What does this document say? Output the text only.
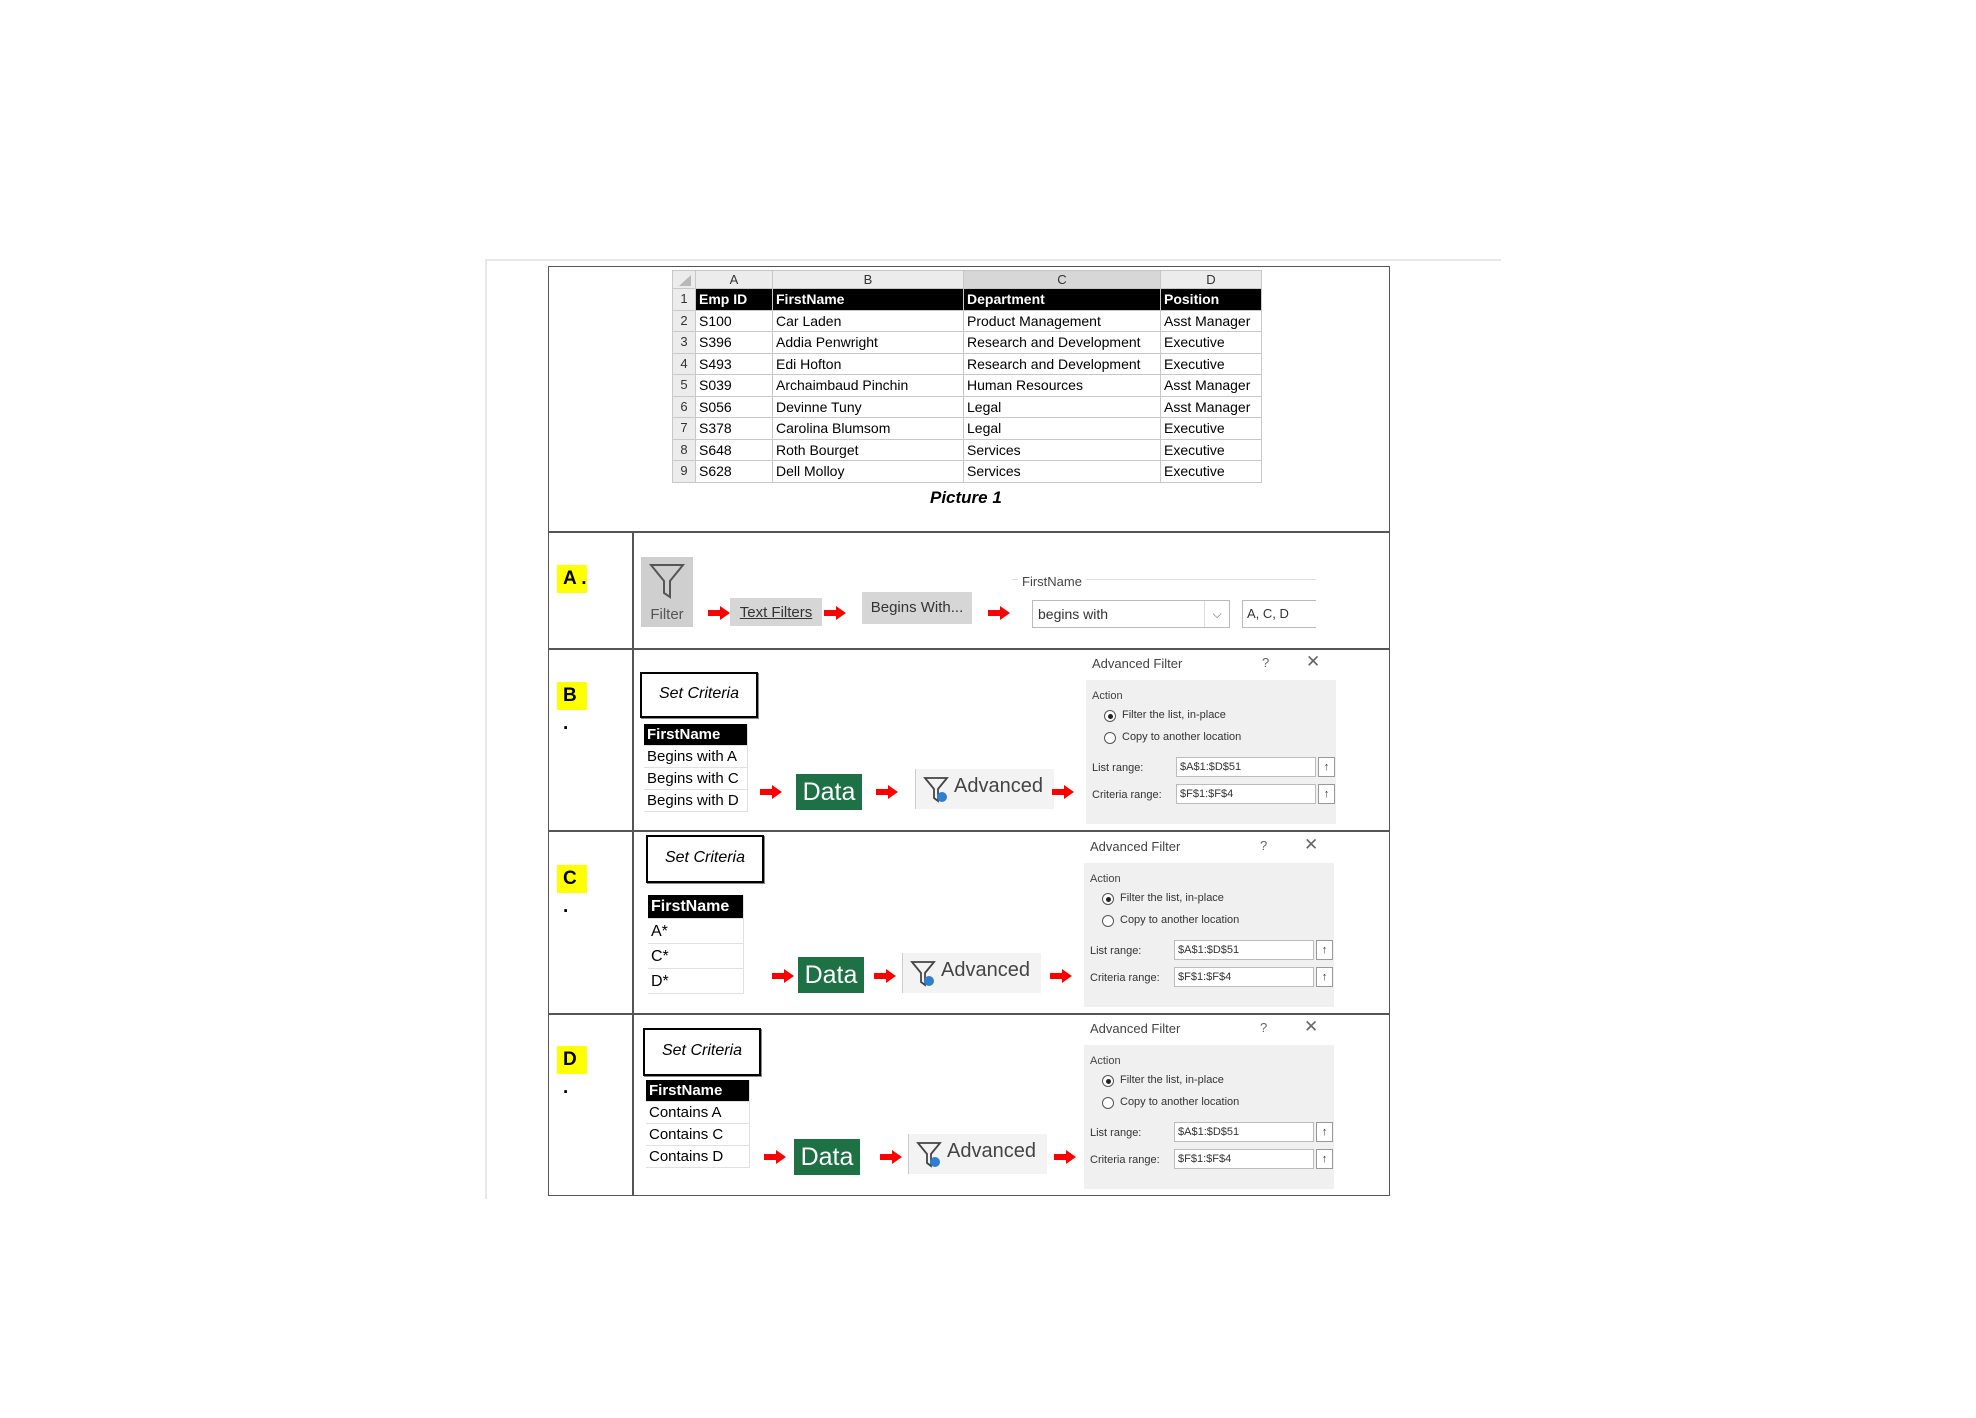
	A	B	C	D
1	Emp ID	FirstName	Department	Position
2	S100	Car Laden	Product Management	Asst Manager
3	S396	Addia Penwright	Research and Development	Executive
4	S493	Edi Hofton	Research and Development	Executive
5	S039	Archaimbaud Pinchin	Human Resources	Asst Manager
6	S056	Devinne Tuny	Legal	Asst Manager
7	S378	Carolina Blumsom	Legal	Executive
8	S648	Roth Bourget	Services	Executive
9	S628	Dell Molloy	Services	Executive
Picture 1
A .
Filter	Text Filters	Begins With...
FirstName
begins with	⌵	A, C, D
B .
Set Criteria
FirstName
Begins with A
Begins with C
Begins with D	Data	Advanced
Advanced Filter	? ✕
Action
Filter the list, in-place
Copy to another location
List range:	$A$1:$D$51	↑
Criteria range:	$F$1:$F$4	↑
C .
Set Criteria
FirstName
A*
C*
D*	Data	Advanced
Advanced Filter	? ✕
Action
Filter the list, in-place
Copy to another location
List range:	$A$1:$D$51	↑
Criteria range:	$F$1:$F$4	↑
D .
Set Criteria
FirstName
Contains A
Contains C
Contains D	Data	Advanced
Advanced Filter	? ✕
Action
Filter the list, in-place
Copy to another location
List range:	$A$1:$D$51	↑
Criteria range:	$F$1:$F$4	↑
